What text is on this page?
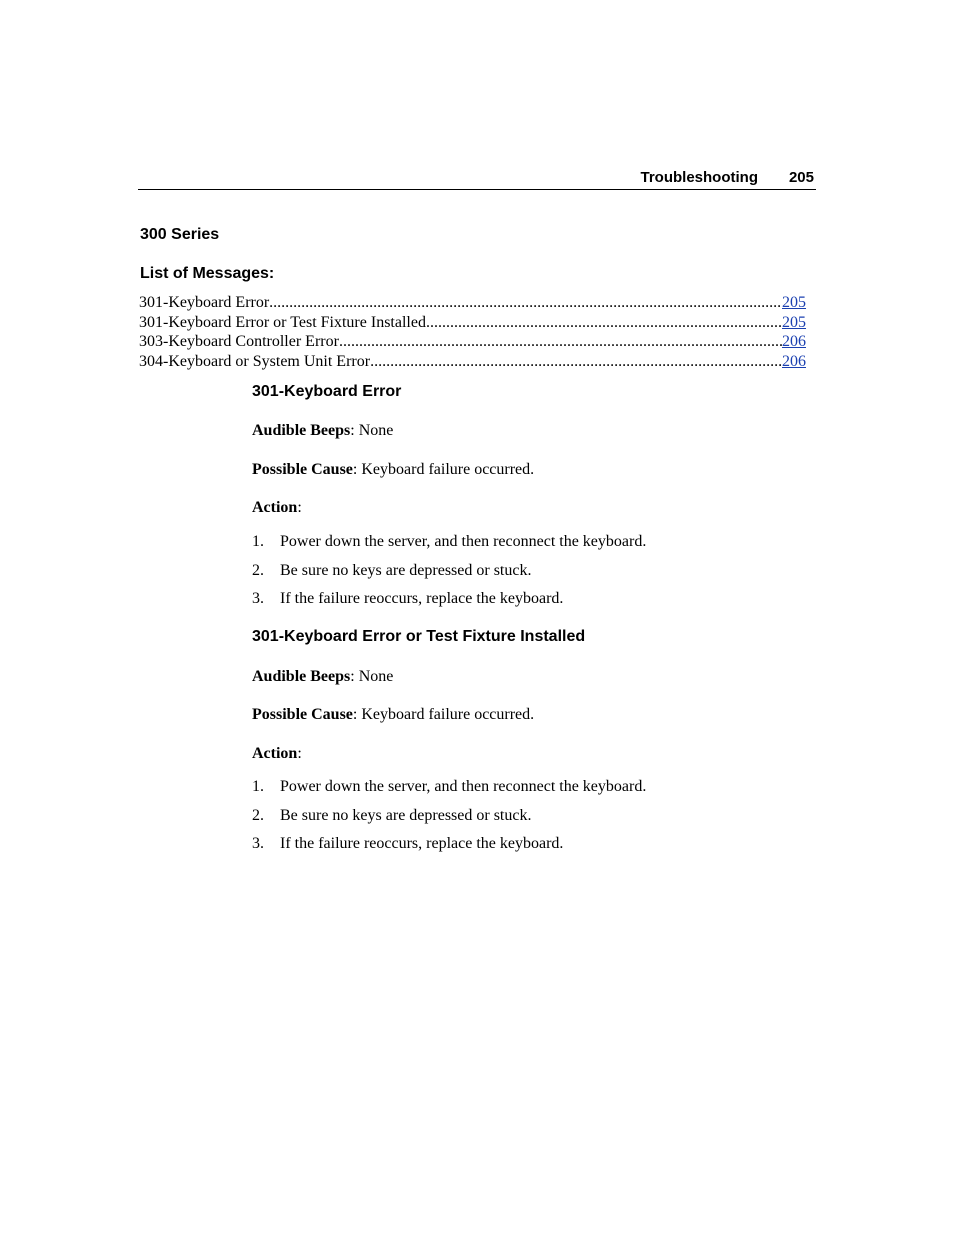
Troubleshooting 205
300 Series
List of Messages:
301-Keyboard Error .....	205
301-Keyboard Error or Test Fixture Installed .....	205
303-Keyboard Controller Error .....	206
304-Keyboard or System Unit Error .....	206
301-Keyboard Error

Audible Beeps: None

Possible Cause: Keyboard failure occurred.

Action:

1. Power down the server, and then reconnect the keyboard.
2. Be sure no keys are depressed or stuck.
3. If the failure reoccurs, replace the keyboard.
301-Keyboard Error or Test Fixture Installed

Audible Beeps: None

Possible Cause: Keyboard failure occurred.

Action:

1. Power down the server, and then reconnect the keyboard.
2. Be sure no keys are depressed or stuck.
3. If the failure reoccurs, replace the keyboard.
